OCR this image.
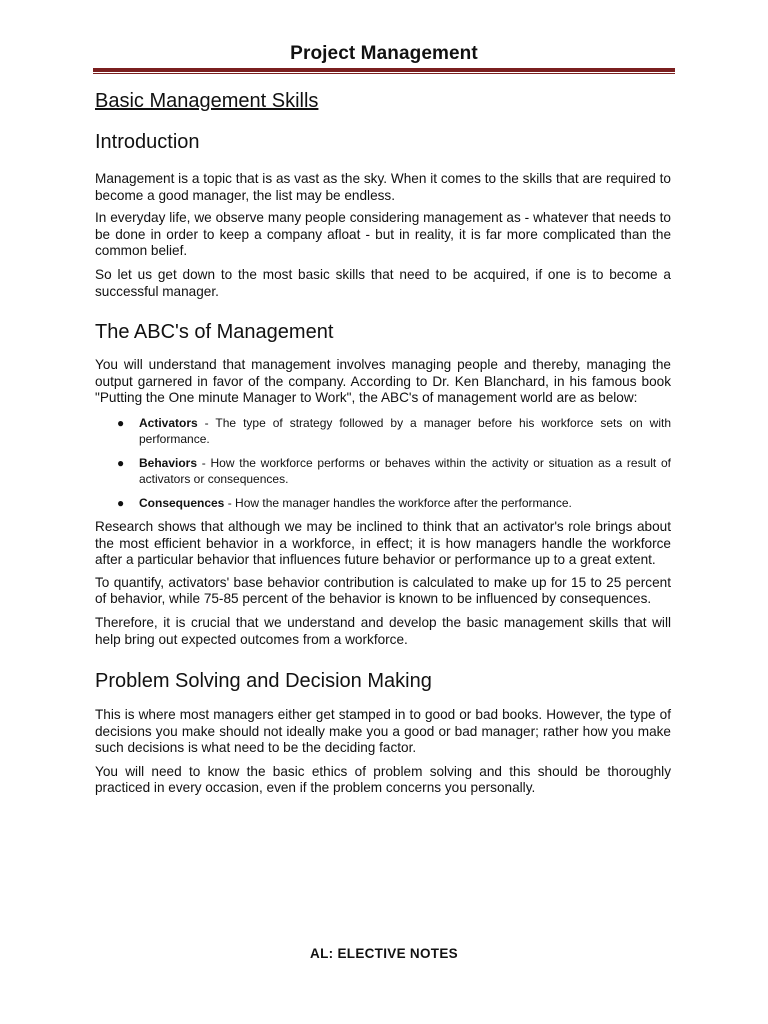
Project Management
Basic Management Skills
Introduction

Management is a topic that is as vast as the sky. When it comes to the skills that are required to become a good manager, the list may be endless.

In everyday life, we observe many people considering management as - whatever that needs to be done in order to keep a company afloat - but in reality, it is far more complicated than the common belief.

So let us get down to the most basic skills that need to be acquired, if one is to become a successful manager.

The ABC's of Management

You will understand that management involves managing people and thereby, managing the output garnered in favor of the company. According to Dr. Ken Blanchard, in his famous book "Putting the One minute Manager to Work", the ABC's of management world are as below:

● Activators - The type of strategy followed by a manager before his workforce sets on with performance.
● Behaviors - How the workforce performs or behaves within the activity or situation as a result of activators or consequences.
● Consequences - How the manager handles the workforce after the performance.

Research shows that although we may be inclined to think that an activator's role brings about the most efficient behavior in a workforce, in effect; it is how managers handle the workforce after a particular behavior that influences future behavior or performance up to a great extent.

To quantify, activators' base behavior contribution is calculated to make up for 15 to 25 percent of behavior, while 75-85 percent of the behavior is known to be influenced by consequences.

Therefore, it is crucial that we understand and develop the basic management skills that will help bring out expected outcomes from a workforce.

Problem Solving and Decision Making

This is where most managers either get stamped in to good or bad books. However, the type of decisions you make should not ideally make you a good or bad manager; rather how you make such decisions is what need to be the deciding factor.

You will need to know the basic ethics of problem solving and this should be thoroughly practiced in every occasion, even if the problem concerns you personally.

AL: ELECTIVE NOTES
